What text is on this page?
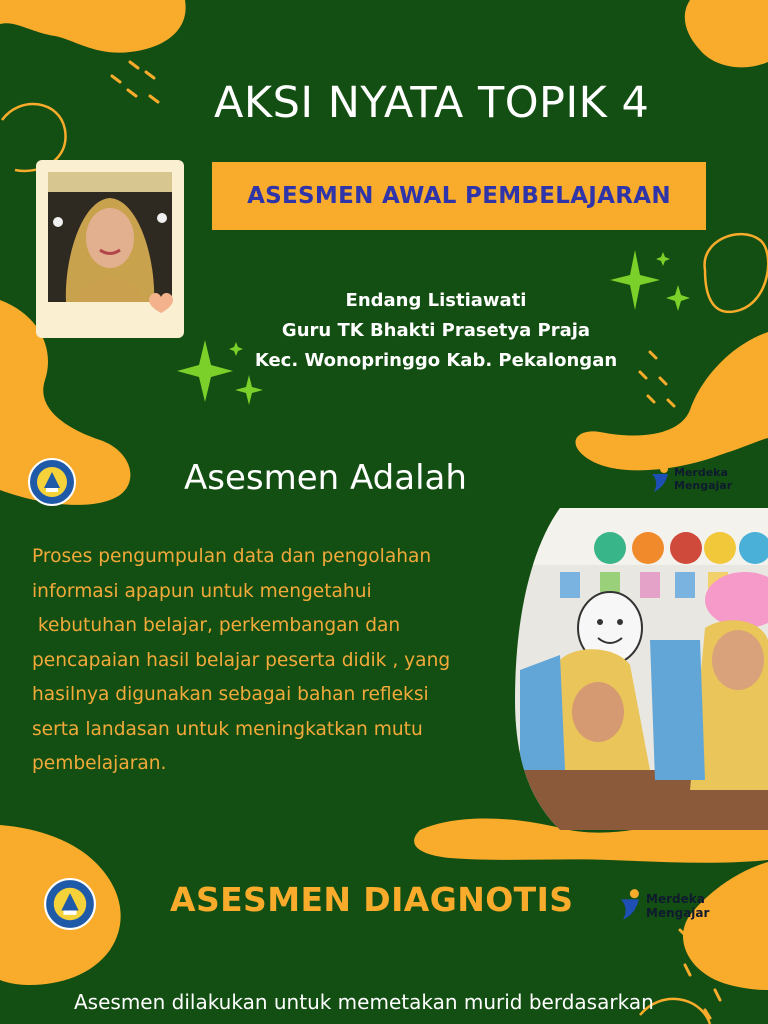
AKSI NYATA TOPIK 4
ASESMEN AWAL PEMBELAJARAN
Endang Listiawati
Guru TK Bhakti Prasetya Praja
Kec. Wonopringgo Kab. Pekalongan
Merdeka
Mengajar
Asesmen Adalah
Proses pengumpulan data dan pengolahan
informasi apapun untuk mengetahui
kebutuhan belajar, perkembangan dan
pencapaian hasil belajar peserta didik , yang
hasilnya digunakan sebagai bahan refleksi
serta landasan untuk meningkatkan mutu
pembelajaran.
ASESMEN DIAGNOTIS	Merdeka
Mengajar
Asesmen dilakukan untuk memetakan murid berdasarkan
